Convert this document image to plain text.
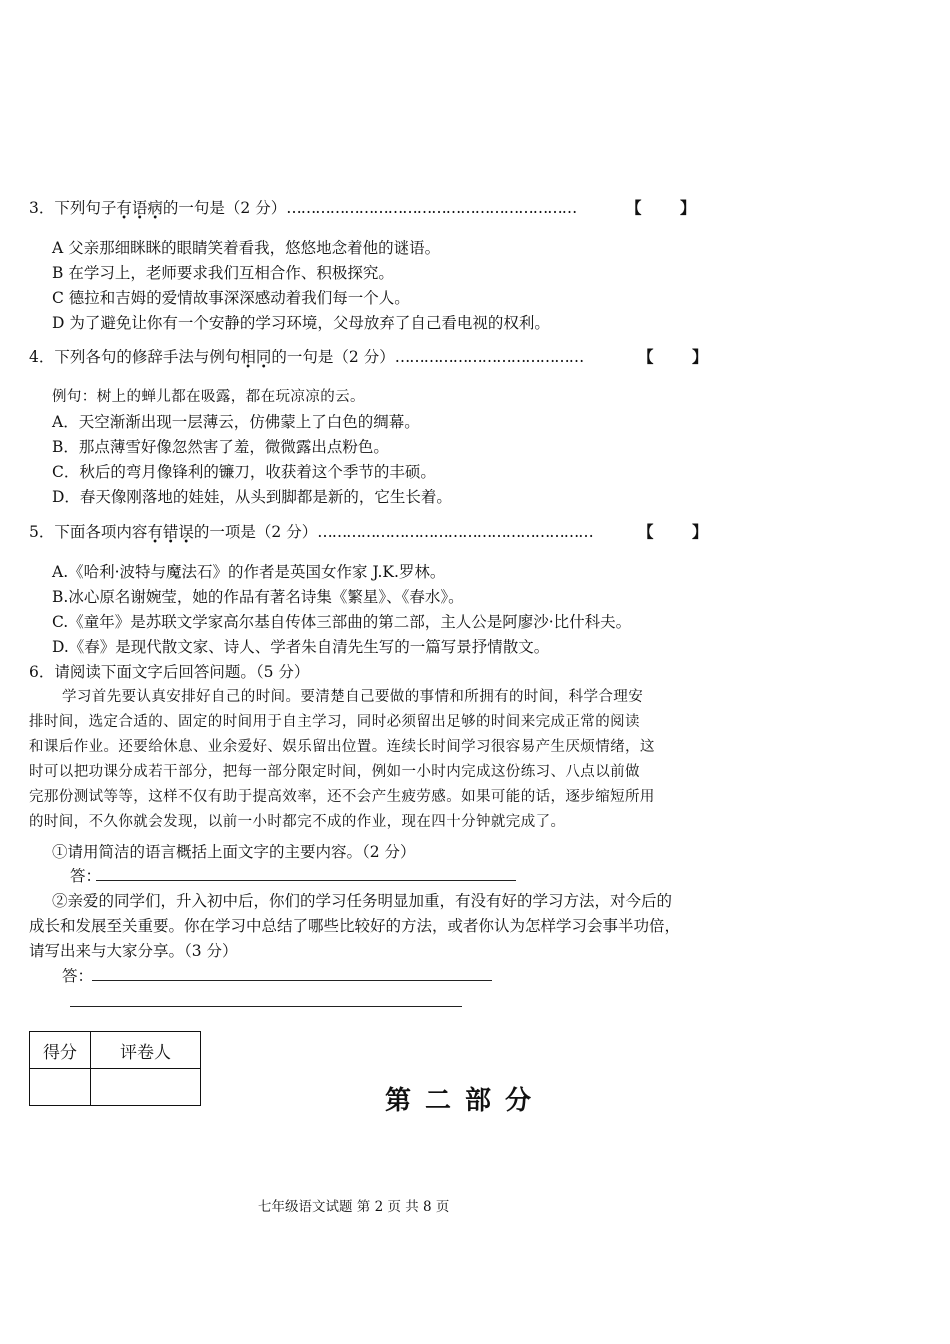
3．下列句子有语病的一句是（2 分）……………………………………………………	【 】
A 父亲那细眯眯的眼睛笑着看我，悠悠地念着他的谜语。
B 在学习上，老师要求我们互相合作、积极探究。
C 德拉和吉姆的爱情故事深深感动着我们每一个人。
D 为了避免让你有一个安静的学习环境，父母放弃了自己看电视的权利。
4．下列各句的修辞手法与例句相同的一句是（2 分）…………………………………	【 】
例句：树上的蝉儿都在吸露，都在玩凉凉的云。
A．天空渐渐出现一层薄云，仿佛蒙上了白色的绸幕。
B．那点薄雪好像忽然害了羞，微微露出点粉色。
C．秋后的弯月像锋利的镰刀，收获着这个季节的丰硕。
D．春天像刚落地的娃娃，从头到脚都是新的，它生长着。
5．下面各项内容有错误的一项是（2 分）…………………………………………………	【 】
A.《哈利·波特与魔法石》的作者是英国女作家 J.K.罗林。
B.冰心原名谢婉莹，她的作品有著名诗集《繁星》、《春水》。
C.《童年》是苏联文学家高尔基自传体三部曲的第二部，主人公是阿廖沙·比什科夫。
D.《春》是现代散文家、诗人、学者朱自清先生写的一篇写景抒情散文。
6．请阅读下面文字后回答问题。（5 分）
学习首先要认真安排好自己的时间。要清楚自己要做的事情和所拥有的时间，科学合理安
排时间，选定合适的、固定的时间用于自主学习，同时必须留出足够的时间来完成正常的阅读
和课后作业。还要给休息、业余爱好、娱乐留出位置。连续长时间学习很容易产生厌烦情绪，这
时可以把功课分成若干部分，把每一部分限定时间，例如一小时内完成这份练习、八点以前做
完那份测试等等，这样不仅有助于提高效率，还不会产生疲劳感。如果可能的话，逐步缩短所用
的时间，不久你就会发现，以前一小时都完不成的作业，现在四十分钟就完成了。
①请用简洁的语言概括上面文字的主要内容。（2 分）
答：
②亲爱的同学们，升入初中后，你们的学习任务明显加重，有没有好的学习方法，对今后的
成长和发展至关重要。你在学习中总结了哪些比较好的方法，或者你认为怎样学习会事半功倍，
请写出来与大家分享。（3 分）
答：
得分	评卷人

第二部分
七年级语文试题 第 2 页 共 8 页
